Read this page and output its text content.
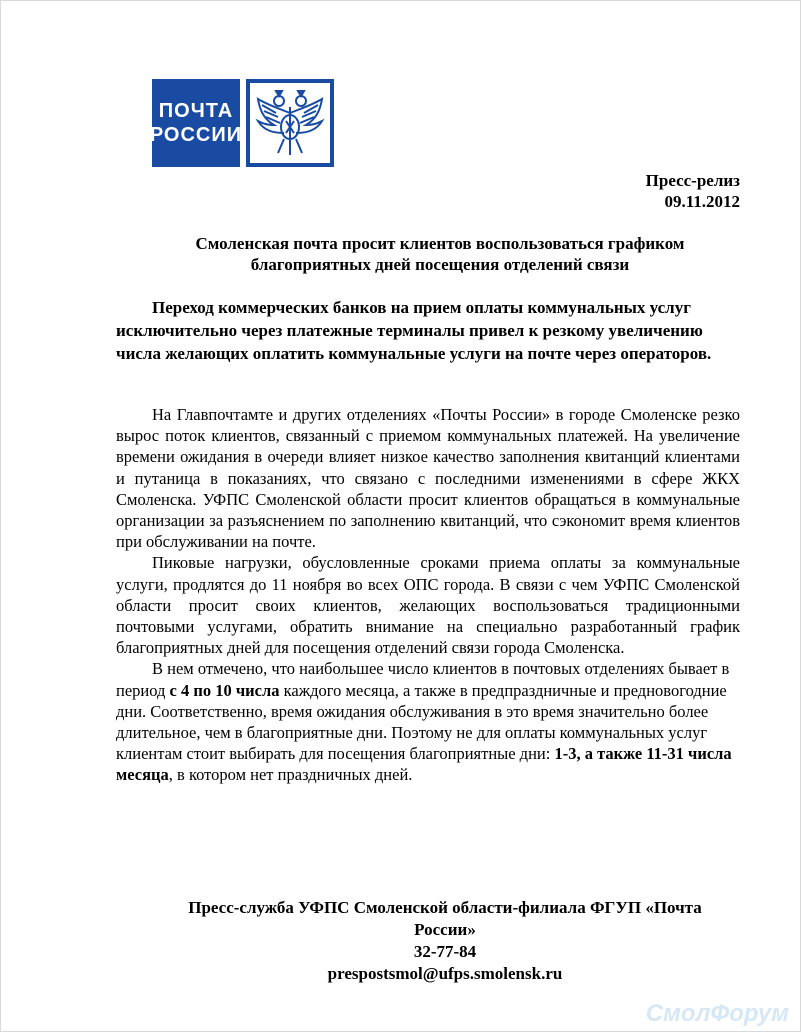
ПОЧТА
РОССИИ
Пресс-релиз
09.11.2012
Смоленская почта просит клиентов воспользоваться графиком
благоприятных дней посещения отделений связи
Переход коммерческих банков на прием оплаты коммунальных услуг исключительно через платежные терминалы привел к резкому увеличению числа желающих оплатить коммунальные услуги на почте через операторов.

На Главпочтамте и других отделениях «Почты России» в городе Смоленске резко вырос поток клиентов, связанный с приемом коммунальных платежей. На увеличение времени ожидания в очереди влияет низкое качество заполнения квитанций клиентами и путаница в показаниях, что связано с последними изменениями в сфере ЖКХ Смоленска. УФПС Смоленской области просит клиентов обращаться в коммунальные организации за разъяснением по заполнению квитанций, что сэкономит время клиентов при обслуживании на почте.

Пиковые нагрузки, обусловленные сроками приема оплаты за коммунальные услуги, продлятся до 11 ноября во всех ОПС города. В связи с чем УФПС Смоленской области просит своих клиентов, желающих воспользоваться традиционными почтовыми услугами, обратить внимание на специально разработанный график благоприятных дней для посещения отделений связи города Смоленска.

В нем отмечено, что наибольшее число клиентов в почтовых отделениях бывает в период с 4 по 10 числа каждого месяца, а также в предпраздничные и предновогодние дни. Соответственно, время ожидания обслуживания в это время значительно более длительное, чем в благоприятные дни. Поэтому не для оплаты коммунальных услуг клиентам стоит выбирать для посещения благоприятные дни: 1-3, а также 11-31 числа месяца, в котором нет праздничных дней.

Пресс-служба УФПС Смоленской области-филиала ФГУП «Почта
России»
32-77-84
prespostsmol@ufps.smolensk.ru
СмолФорум
